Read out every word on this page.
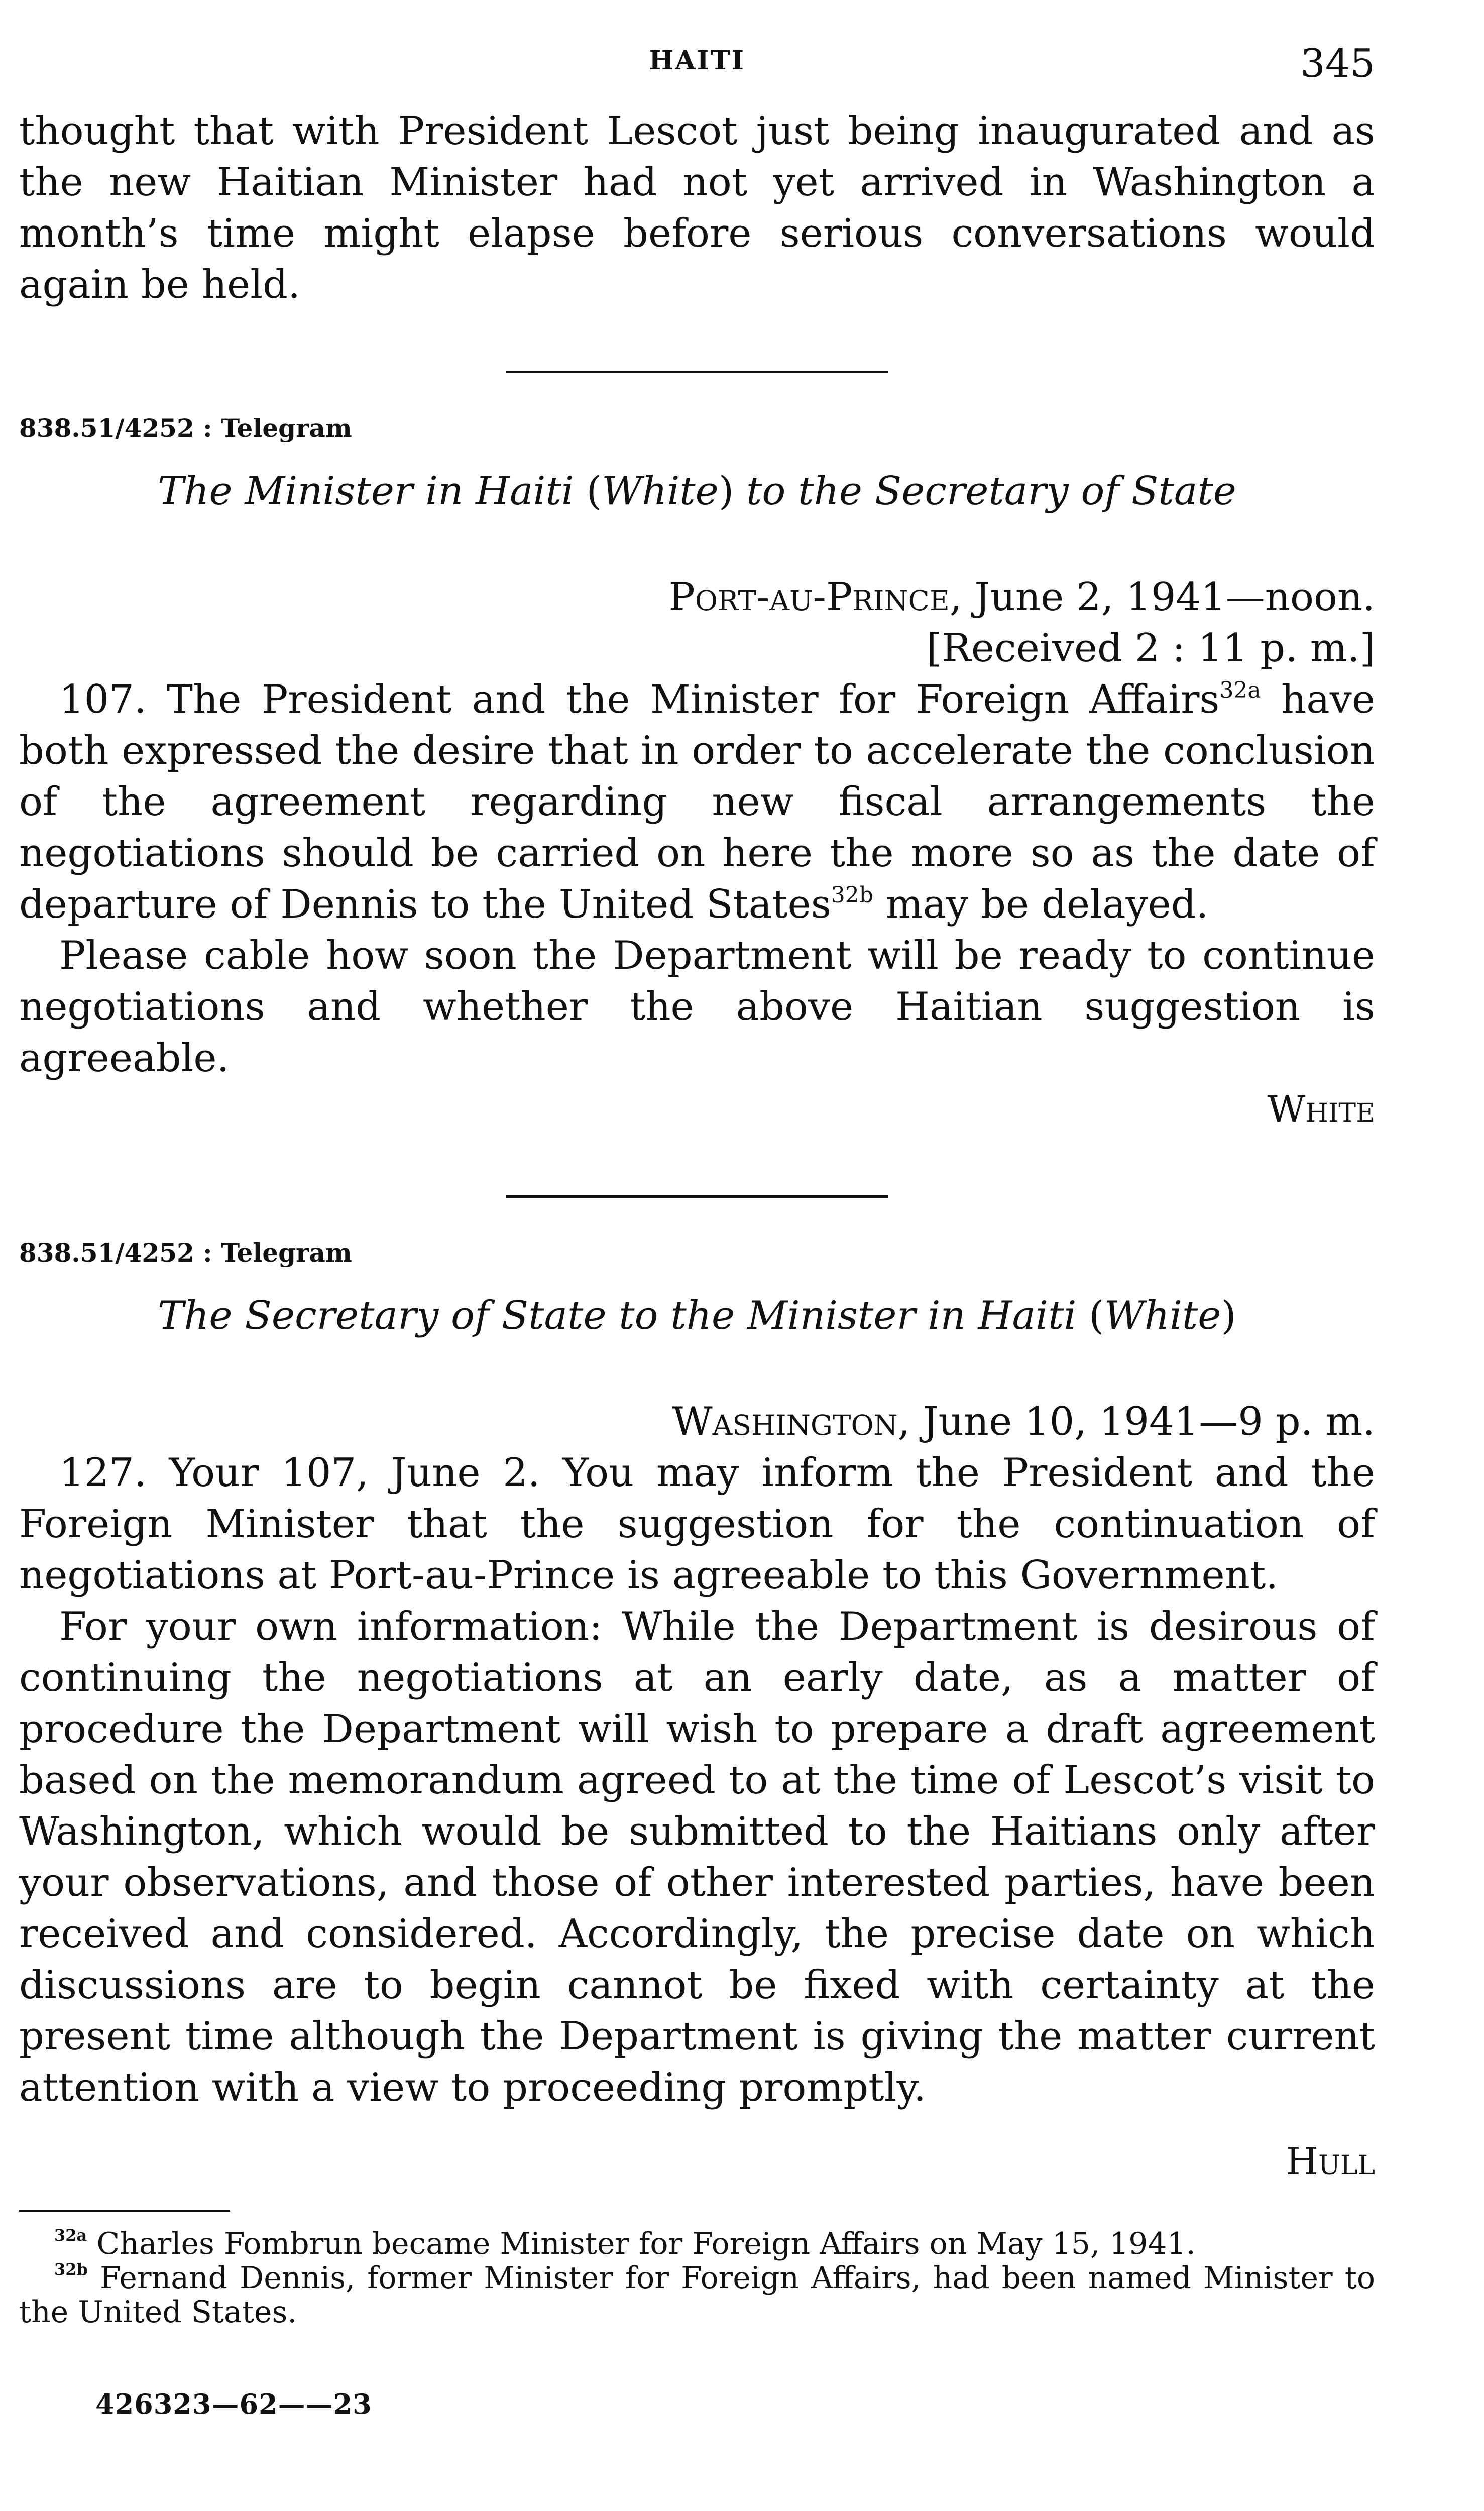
HAITI	345

thought that with President Lescot just being inaugurated and as the new Haitian Minister had not yet arrived in Washington a month’s time might elapse before serious conversations would again be held.

838.51/4252 : Telegram
The Minister in Haiti (White) to the Secretary of State
Port-au-Prince, June 2, 1941—noon.
[Received 2 : 11 p. m.]

107. The President and the Minister for Foreign Affairs$^{32a}$ have both expressed the desire that in order to accelerate the conclusion of the agreement regarding new fiscal arrangements the negotiations should be carried on here the more so as the date of departure of Dennis to the United States$^{32b}$ may be delayed.

Please cable how soon the Department will be ready to continue negotiations and whether the above Haitian suggestion is agreeable.

White
838.51/4252 : Telegram
The Secretary of State to the Minister in Haiti (White)
Washington, June 10, 1941—9 p. m.

127. Your 107, June 2. You may inform the President and the Foreign Minister that the suggestion for the continuation of negotiations at Port-au-Prince is agreeable to this Government.

For your own information: While the Department is desirous of continuing the negotiations at an early date, as a matter of procedure the Department will wish to prepare a draft agreement based on the memorandum agreed to at the time of Lescot’s visit to Washington, which would be submitted to the Haitians only after your observations, and those of other interested parties, have been received and considered. Accordingly, the precise date on which discussions are to begin cannot be fixed with certainty at the present time although the Department is giving the matter current attention with a view to proceeding promptly.

Hull

$^{32a}$ Charles Fombrun became Minister for Foreign Affairs on May 15, 1941.

$^{32b}$ Fernand Dennis, former Minister for Foreign Affairs, had been named Minister to the United States.

426323—62——23
